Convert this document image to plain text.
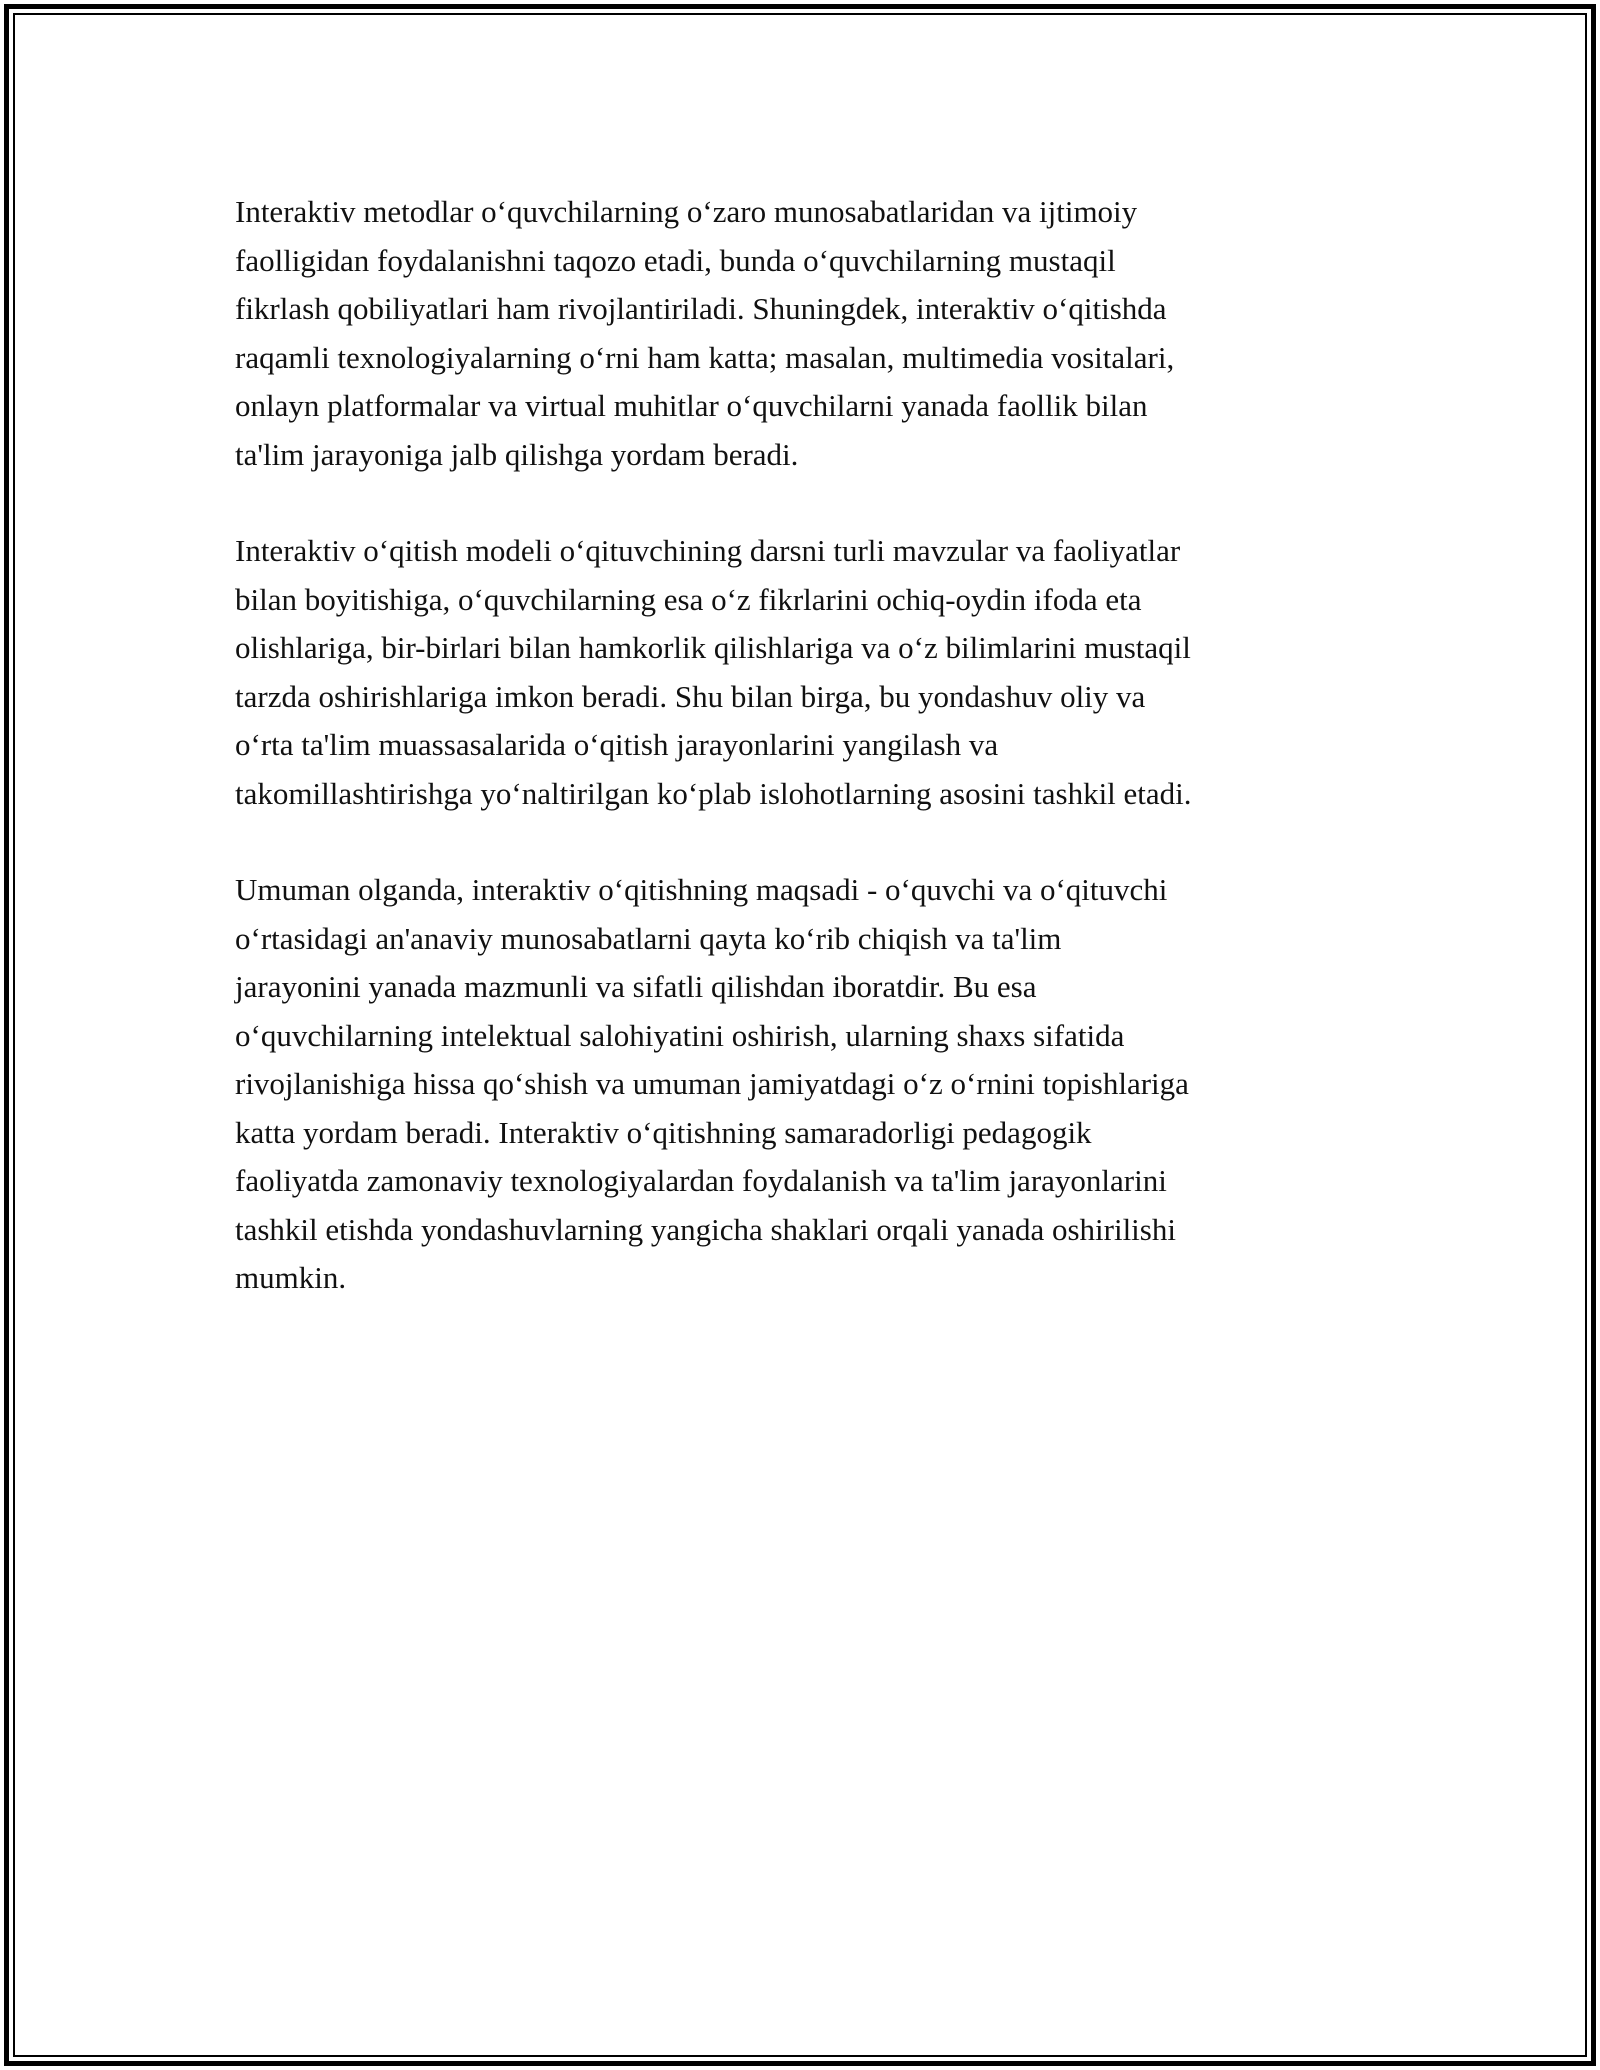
Interaktiv metodlar o‘quvchilarning o‘zaro munosabatlaridan va ijtimoiy
faolligidan foydalanishni taqozo etadi, bunda o‘quvchilarning mustaqil
fikrlash qobiliyatlari ham rivojlantiriladi. Shuningdek, interaktiv o‘qitishda
raqamli texnologiyalarning o‘rni ham katta; masalan, multimedia vositalari,
onlayn platformalar va virtual muhitlar o‘quvchilarni yanada faollik bilan
ta'lim jarayoniga jalb qilishga yordam beradi.

Interaktiv o‘qitish modeli o‘qituvchining darsni turli mavzular va faoliyatlar
bilan boyitishiga, o‘quvchilarning esa o‘z fikrlarini ochiq-oydin ifoda eta
olishlariga, bir-birlari bilan hamkorlik qilishlariga va o‘z bilimlarini mustaqil
tarzda oshirishlariga imkon beradi. Shu bilan birga, bu yondashuv oliy va
o‘rta ta'lim muassasalarida o‘qitish jarayonlarini yangilash va
takomillashtirishga yo‘naltirilgan ko‘plab islohotlarning asosini tashkil etadi.

Umuman olganda, interaktiv o‘qitishning maqsadi - o‘quvchi va o‘qituvchi
o‘rtasidagi an'anaviy munosabatlarni qayta ko‘rib chiqish va ta'lim
jarayonini yanada mazmunli va sifatli qilishdan iboratdir. Bu esa
o‘quvchilarning intelektual salohiyatini oshirish, ularning shaxs sifatida
rivojlanishiga hissa qo‘shish va umuman jamiyatdagi o‘z o‘rnini topishlariga
katta yordam beradi. Interaktiv o‘qitishning samaradorligi pedagogik
faoliyatda zamonaviy texnologiyalardan foydalanish va ta'lim jarayonlarini
tashkil etishda yondashuvlarning yangicha shaklari orqali yanada oshirilishi
mumkin.
